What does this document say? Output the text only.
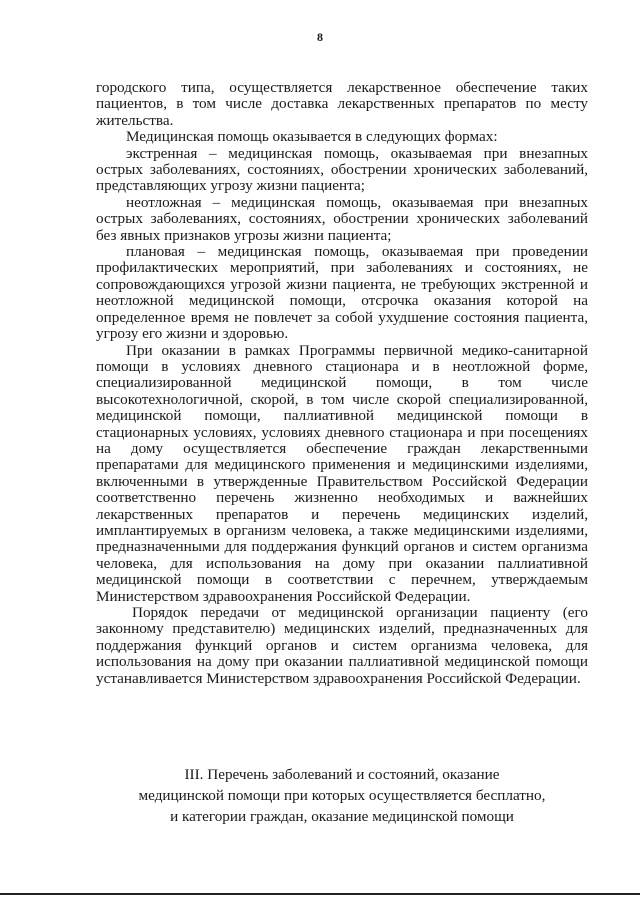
8

городского типа, осуществляется лекарственное обеспечение таких пациентов, в том числе доставка лекарственных препаратов по месту жительства.

Медицинская помощь оказывается в следующих формах:

экстренная – медицинская помощь, оказываемая при внезапных острых заболеваниях, состояниях, обострении хронических заболеваний, представляющих угрозу жизни пациента;

неотложная – медицинская помощь, оказываемая при внезапных острых заболеваниях, состояниях, обострении хронических заболеваний без явных признаков угрозы жизни пациента;

плановая – медицинская помощь, оказываемая при проведении профилактических мероприятий, при заболеваниях и состояниях, не сопровождающихся угрозой жизни пациента, не требующих экстренной и неотложной медицинской помощи, отсрочка оказания которой на определенное время не повлечет за собой ухудшение состояния пациента, угрозу его жизни и здоровью.

При оказании в рамках Программы первичной медико-санитарной помощи в условиях дневного стационара и в неотложной форме, специализированной медицинской помощи, в том числе высокотехнологичной, скорой, в том числе скорой специализированной, медицинской помощи, паллиативной медицинской помощи в стационарных условиях, условиях дневного стационара и при посещениях на дому осуществляется обеспечение граждан лекарственными препаратами для медицинского применения и медицинскими изделиями, включенными в утвержденные Правительством Российской Федерации соответственно перечень жизненно необходимых и важнейших лекарственных препаратов и перечень медицинских изделий, имплантируемых в организм человека, а также медицинскими изделиями, предназначенными для поддержания функций органов и систем организма человека, для использования на дому при оказании паллиативной медицинской помощи в соответствии с перечнем, утверждаемым Министерством здравоохранения Российской Федерации.

Порядок передачи от медицинской организации пациенту (его законному представителю) медицинских изделий, предназначенных для поддержания функций органов и систем организма человека, для использования на дому при оказании паллиативной медицинской помощи устанавливается Министерством здравоохранения Российской Федерации.

III. Перечень заболеваний и состояний, оказание
медицинской помощи при которых осуществляется бесплатно,
и категории граждан, оказание медицинской помощи
